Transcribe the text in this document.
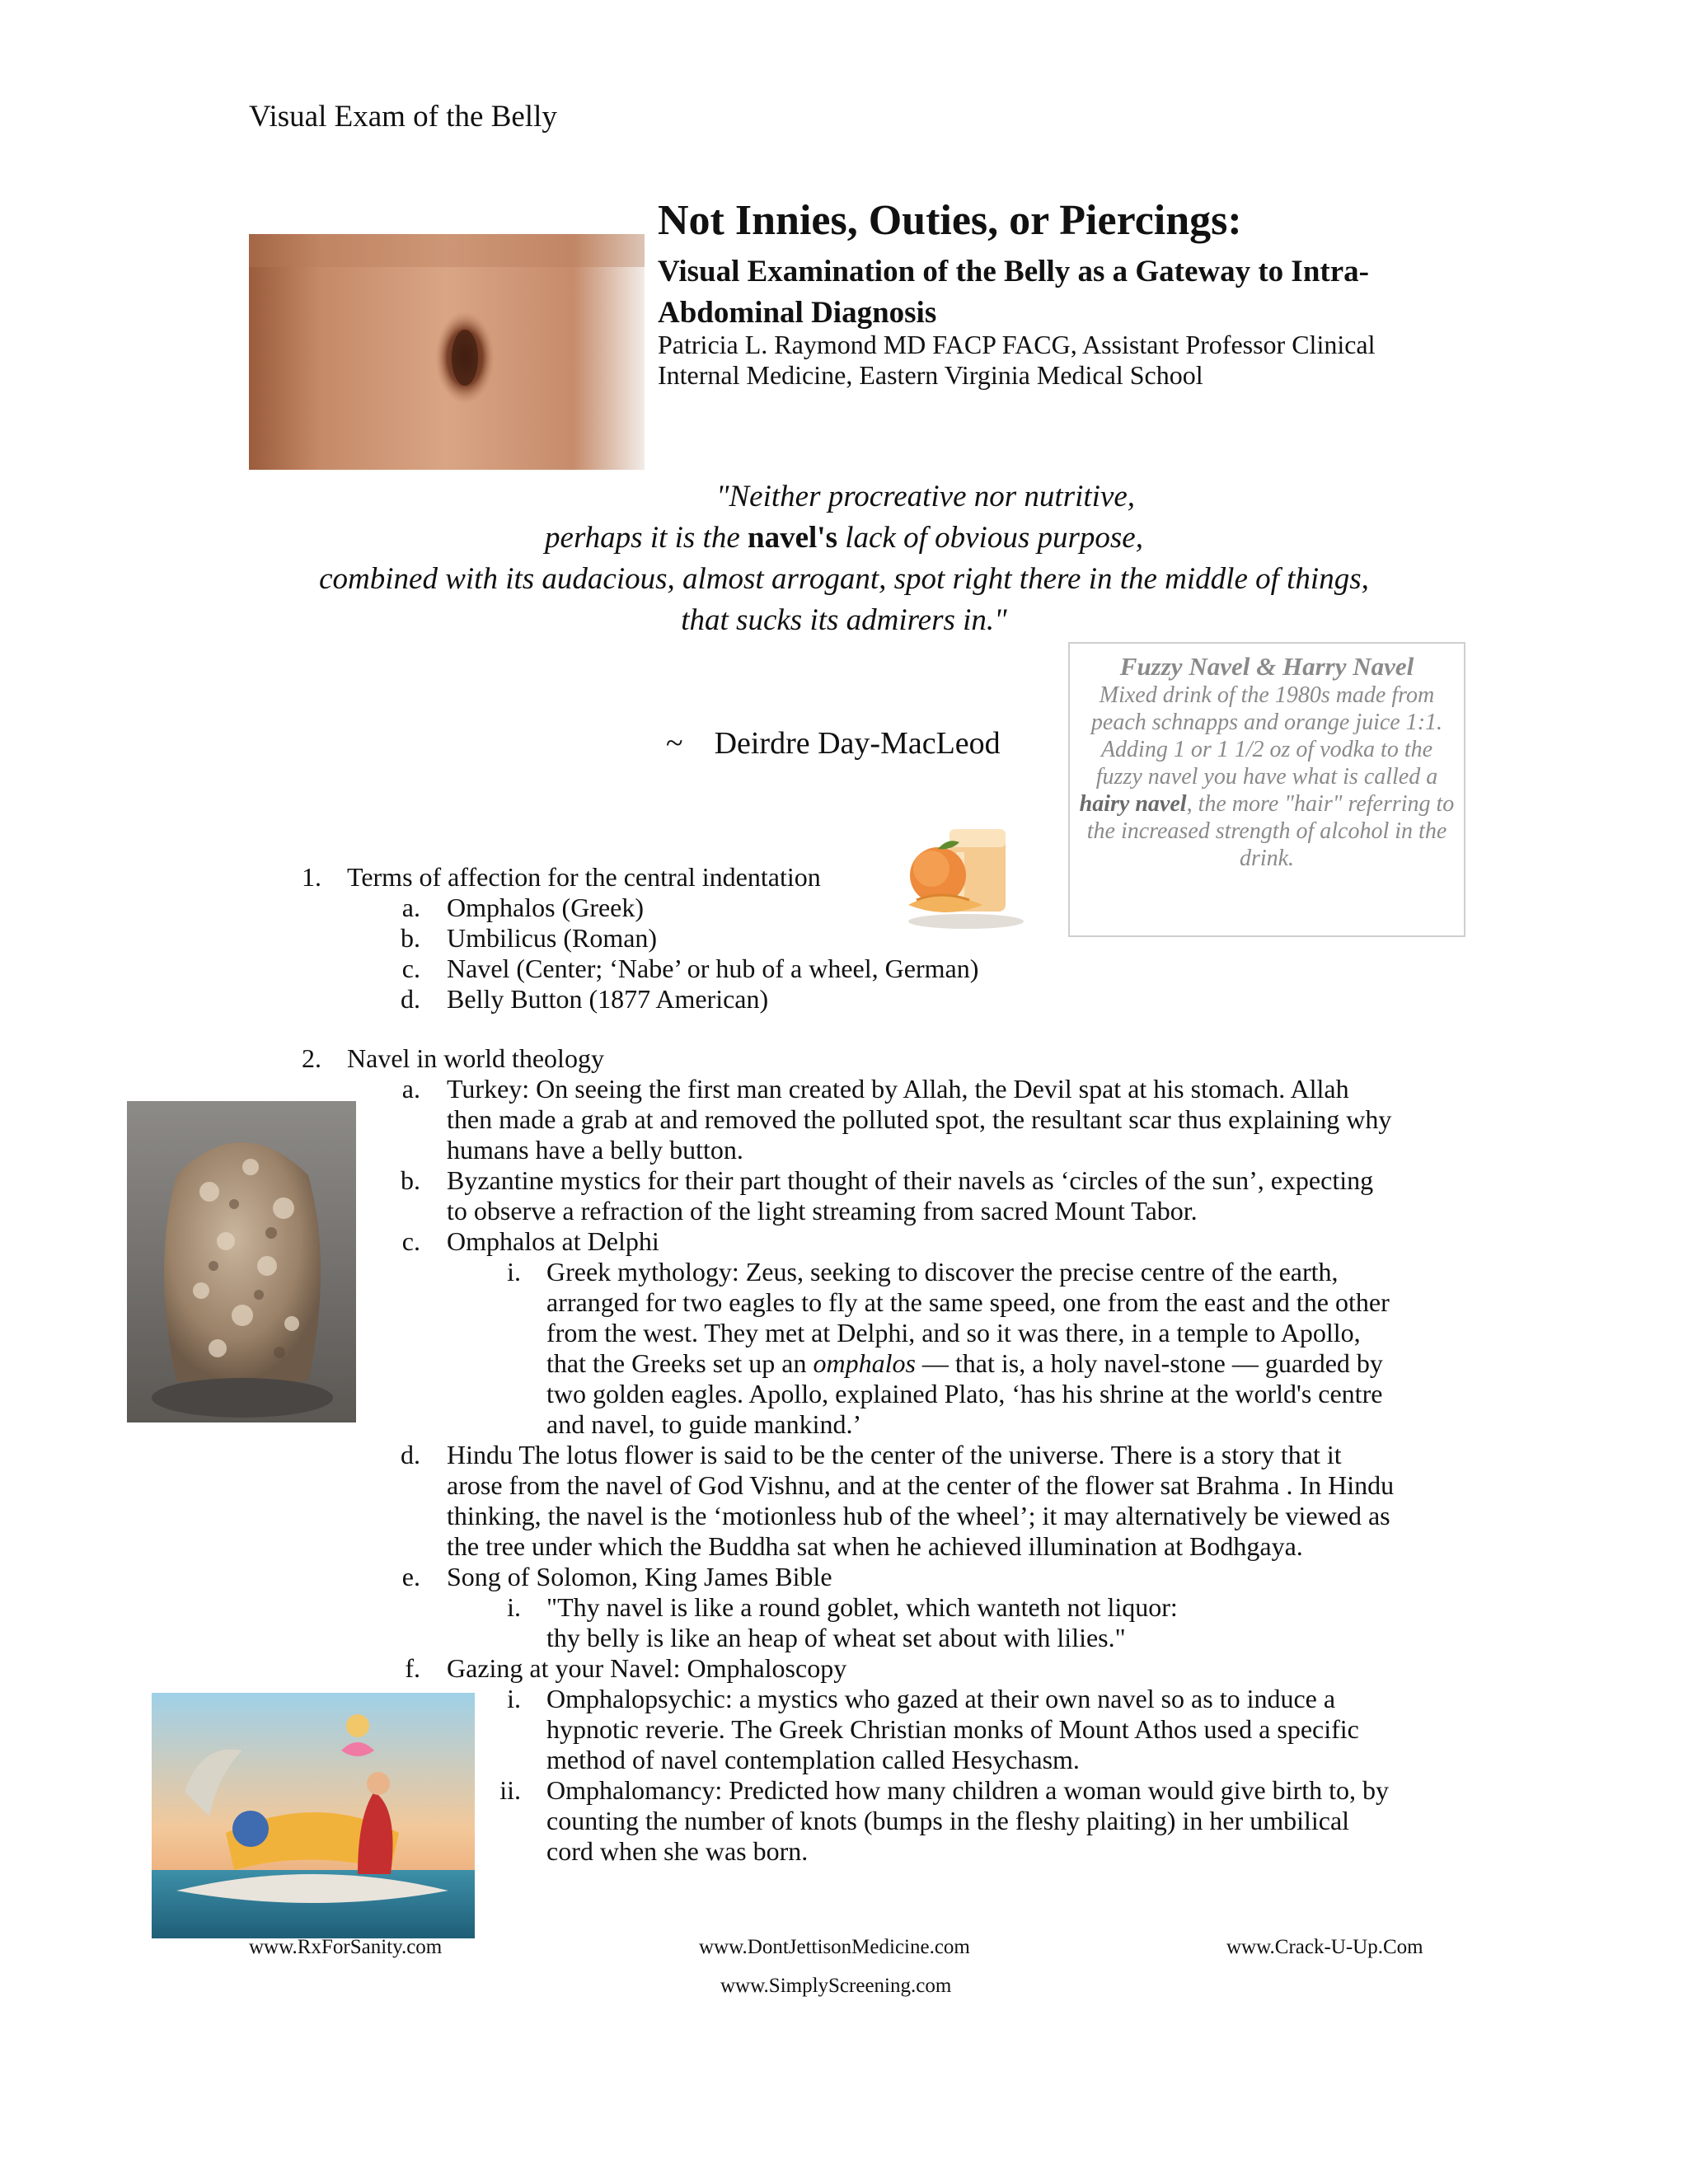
Visual Exam of the Belly
Not Innies, Outies, or Piercings:
Visual Examination of the Belly as a Gateway to Intra-Abdominal Diagnosis
Patricia L. Raymond MD FACP FACG, Assistant Professor Clinical Internal Medicine, Eastern Virginia Medical School
"Neither procreative nor nutritive,
perhaps it is the navel's lack of obvious purpose,
combined with its audacious, almost arrogant, spot right there in the middle of things,
that sucks its admirers in."
~ Deirdre Day-MacLeod
Fuzzy Navel & Harry Navel
Mixed drink of the 1980s made from peach schnapps and orange juice 1:1.
Adding 1 or 1 1/2 oz of vodka to the fuzzy navel you have what is called a hairy navel, the more "hair" referring to the increased strength of alcohol in the drink.
1. Terms of affection for the central indentation
a. Omphalos (Greek)
b. Umbilicus (Roman)
c. Navel (Center; ‘Nabe’ or hub of a wheel, German)
d. Belly Button (1877 American)
2. Navel in world theology
a. Turkey: On seeing the first man created by Allah, the Devil spat at his stomach. Allah
then made a grab at and removed the polluted spot, the resultant scar thus explaining why
humans have a belly button.
b. Byzantine mystics for their part thought of their navels as ‘circles of the sun’, expecting
to observe a refraction of the light streaming from sacred Mount Tabor.
c. Omphalos at Delphi
i. Greek mythology: Zeus, seeking to discover the precise centre of the earth,
arranged for two eagles to fly at the same speed, one from the east and the other
from the west. They met at Delphi, and so it was there, in a temple to Apollo,
that the Greeks set up an omphalos — that is, a holy navel-stone — guarded by
two golden eagles. Apollo, explained Plato, ‘has his shrine at the world's centre
and navel, to guide mankind.’
d. Hindu The lotus flower is said to be the center of the universe. There is a story that it
arose from the navel of God Vishnu, and at the center of the flower sat Brahma . In Hindu
thinking, the navel is the ‘motionless hub of the wheel’; it may alternatively be viewed as
the tree under which the Buddha sat when he achieved illumination at Bodhgaya.
e. Song of Solomon, King James Bible
i. "Thy navel is like a round goblet, which wanteth not liquor:
thy belly is like an heap of wheat set about with lilies."
f. Gazing at your Navel: Omphaloscopy
i. Omphalopsychic: a mystics who gazed at their own navel so as to induce a
hypnotic reverie. The Greek Christian monks of Mount Athos used a specific
method of navel contemplation called Hesychasm.
ii. Omphalomancy: Predicted how many children a woman would give birth to, by
counting the number of knots (bumps in the fleshy plaiting) in her umbilical
cord when she was born.
www.RxForSanity.com	www.DontJettisonMedicine.com	www.Crack-U-Up.Com
www.SimplyScreening.com
